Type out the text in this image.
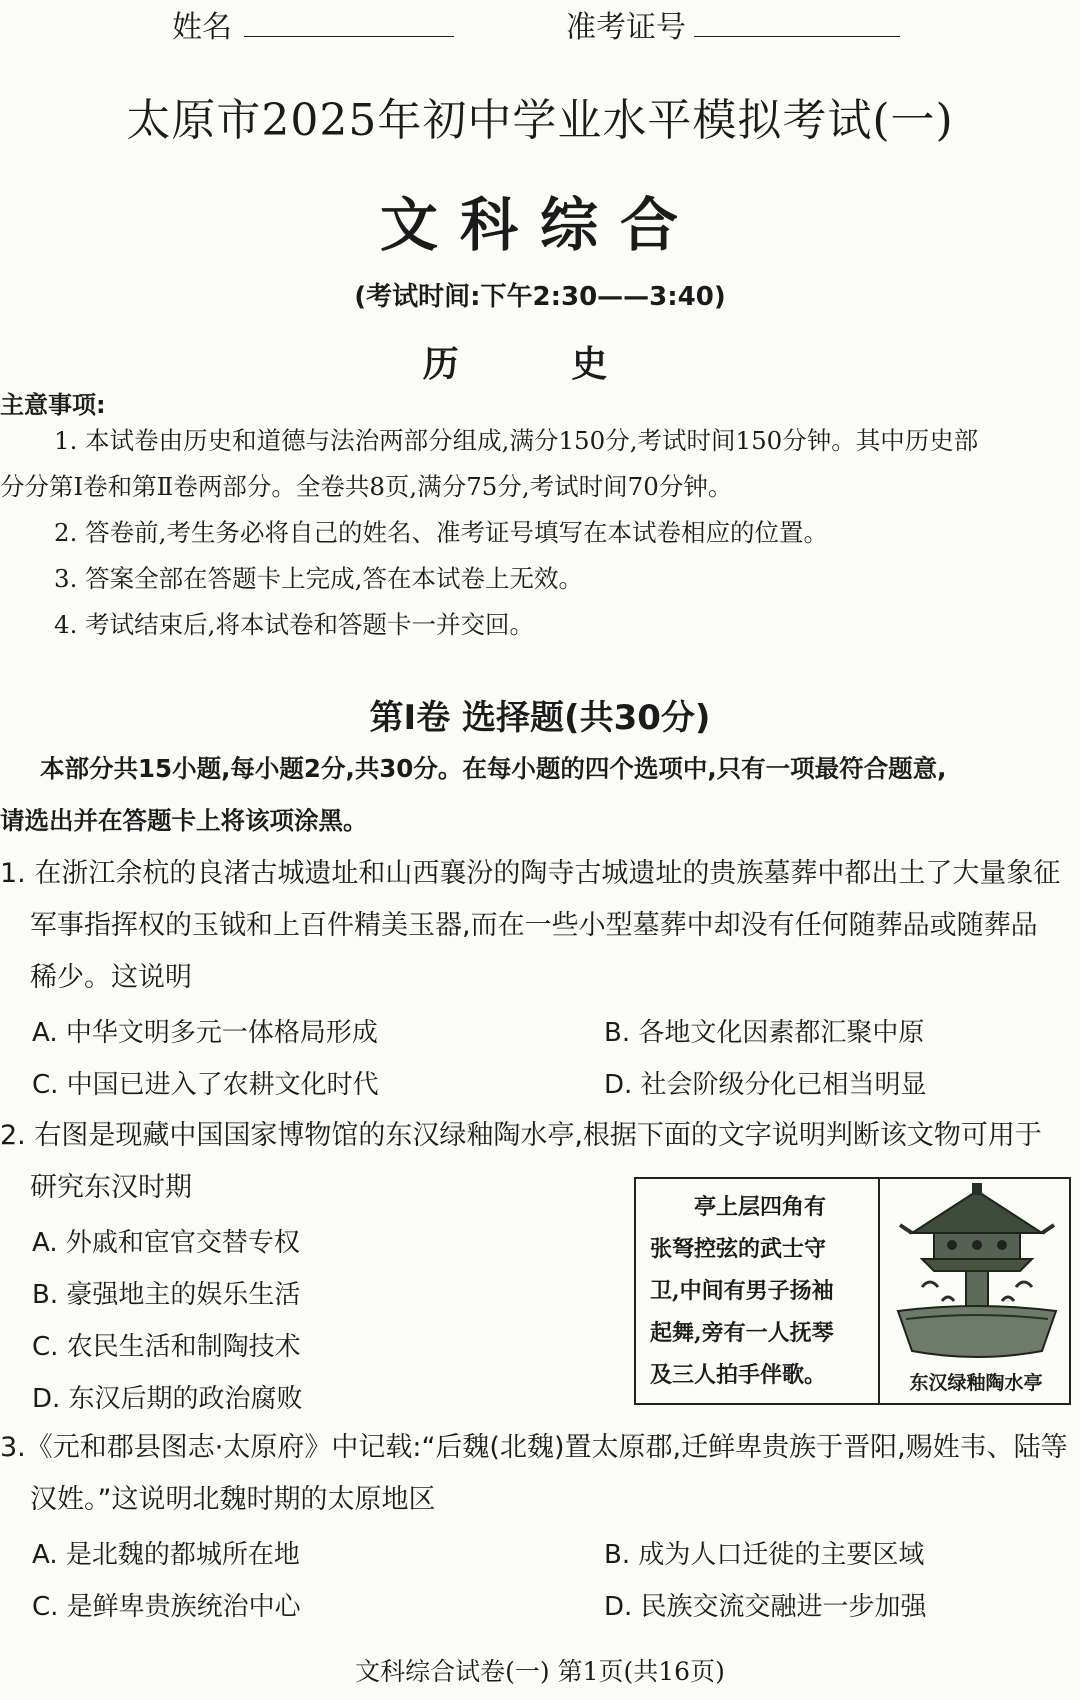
姓名	准考证号
太原市2025年初中学业水平模拟考试(一)
文科综合
(考试时间:下午2:30——3:40)
历 史
主意事项:
1. 本试卷由历史和道德与法治两部分组成,满分150分,考试时间150分钟。其中历史部
分分第Ⅰ卷和第Ⅱ卷两部分。全卷共8页,满分75分,考试时间70分钟。
2. 答卷前,考生务必将自己的姓名、准考证号填写在本试卷相应的位置。
3. 答案全部在答题卡上完成,答在本试卷上无效。
4. 考试结束后,将本试卷和答题卡一并交回。
第Ⅰ卷 选择题(共30分)
本部分共15小题,每小题2分,共30分。在每小题的四个选项中,只有一项最符合题意,
请选出并在答题卡上将该项涂黑。
1. 在浙江余杭的良渚古城遗址和山西襄汾的陶寺古城遗址的贵族墓葬中都出土了大量象征
军事指挥权的玉钺和上百件精美玉器,而在一些小型墓葬中却没有任何随葬品或随葬品
稀少。这说明
A. 中华文明多元一体格局形成	B. 各地文化因素都汇聚中原
C. 中国已进入了农耕文化时代	D. 社会阶级分化已相当明显
2. 右图是现藏中国国家博物馆的东汉绿釉陶水亭,根据下面的文字说明判断该文物可用于
研究东汉时期
A. 外戚和宦官交替专权
B. 豪强地主的娱乐生活
C. 农民生活和制陶技术
D. 东汉后期的政治腐败
亭上层四角有
张弩控弦的武士守
卫,中间有男子扬袖
起舞,旁有一人抚琴
及三人拍手伴歌。	东汉绿釉陶水亭
3.《元和郡县图志·太原府》中记载:“后魏(北魏)置太原郡,迁鲜卑贵族于晋阳,赐姓韦、陆等
汉姓。”这说明北魏时期的太原地区
A. 是北魏的都城所在地	B. 成为人口迁徙的主要区域
C. 是鲜卑贵族统治中心	D. 民族交流交融进一步加强
文科综合试卷(一) 第1页(共16页)
